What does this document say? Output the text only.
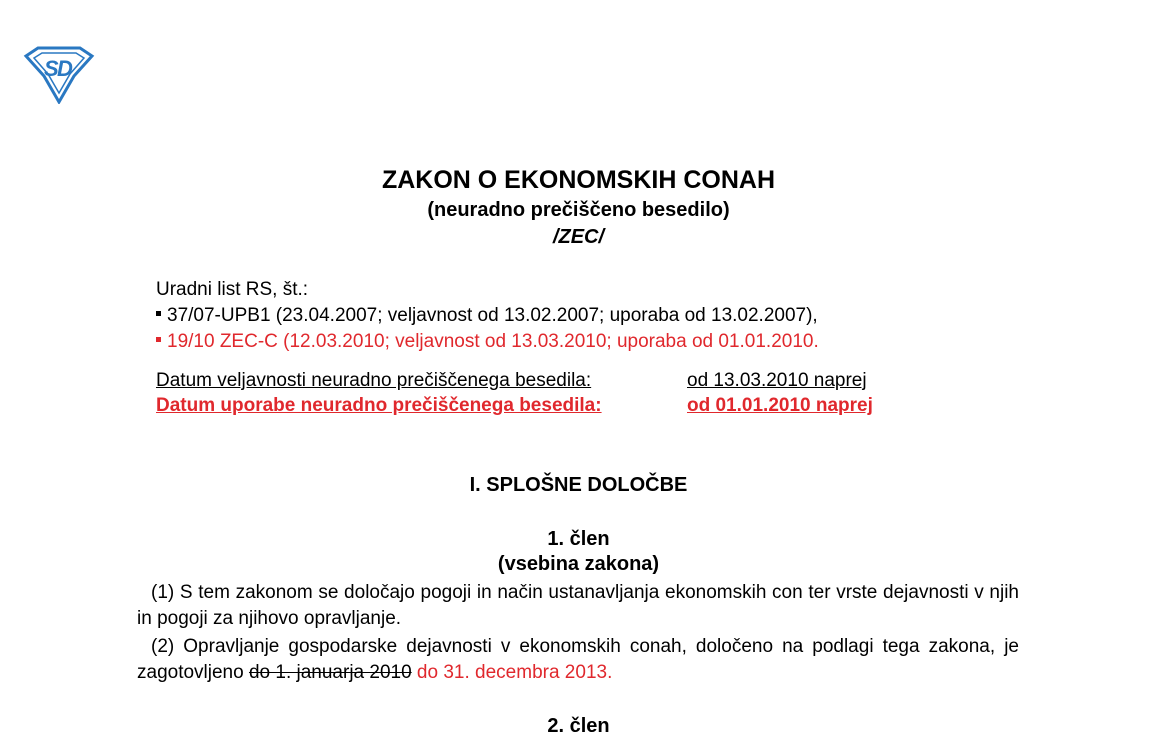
S
D
ZAKON O EKONOMSKIH CONAH
(neuradno prečiščeno besedilo)
/ZEC/
Uradni list RS, št.:
37/07-UPB1 (23.04.2007; veljavnost od 13.02.2007; uporaba od 13.02.2007),
19/10 ZEC-C (12.03.2010; veljavnost od 13.03.2010; uporaba od 01.01.2010.
Datum veljavnosti neuradno prečiščenega besedila:	od 13.03.2010 naprej
Datum uporabe neuradno prečiščenega besedila:	od 01.01.2010 naprej
I. SPLOŠNE DOLOČBE
1. člen
(vsebina zakona)
(1) S tem zakonom se določajo pogoji in način ustanavljanja ekonomskih con ter vrste dejavnosti v njih in pogoji za njihovo opravljanje.
(2) Opravljanje gospodarske dejavnosti v ekonomskih conah, določeno na podlagi tega zakona, je zagotovljeno do 1. januarja 2010 do 31. decembra 2013.
2. člen
